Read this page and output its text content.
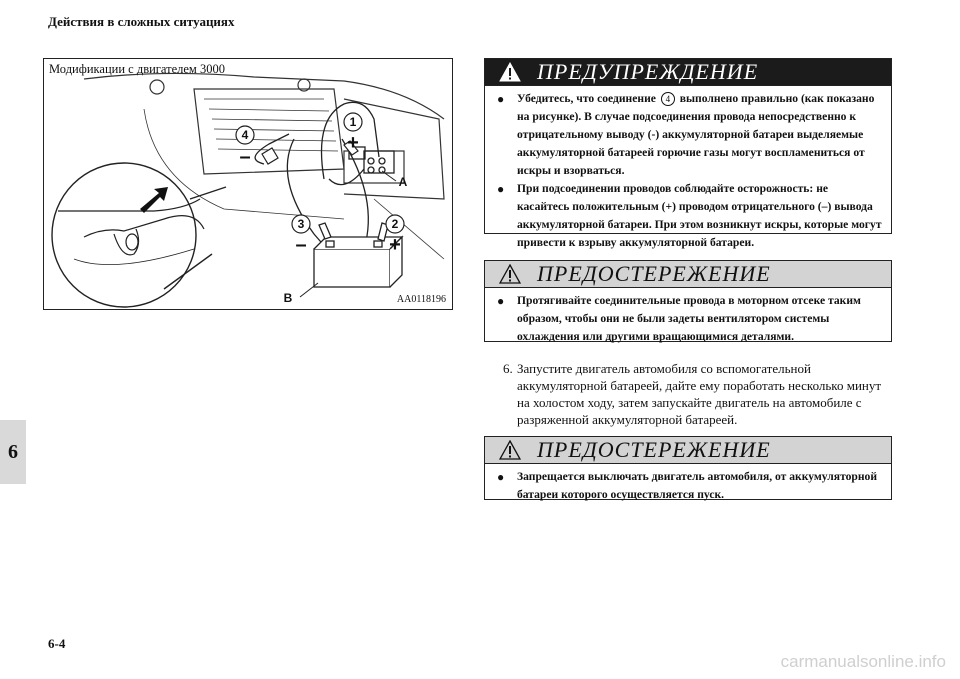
Действия в сложных ситуациях
6
4
1
3	2
–
+
–	+
A
B
Модификации с двигателем 3000
AA0118196
ПРЕДУПРЕЖДЕНИЕ
●	Убедитесь, что соединение 4 выполнено правильно (как показано на рисунке). В случае подсоединения провода непосредственно к отрицательному выводу (-) аккумуляторной батареи выделяемые аккумуляторной батареей горючие газы могут воспламениться от искры и взорваться.
●	При подсоединении проводов соблюдайте осторожность: не касайтесь положительным (+) проводом отрицательного (–) вывода аккумуляторной батареи. При этом возникнут искры, которые могут привести к взрыву аккумуляторной батареи.
ПРЕДОСТЕРЕЖЕНИЕ
●	Протягивайте соединительные провода в моторном отсеке таким образом, чтобы они не были задеты вентилятором системы охлаждения или другими вращающимися деталями.
6. Запустите двигатель автомобиля со вспомогательной аккумуляторной батареей, дайте ему поработать несколько минут на холостом ходу, затем запускайте двигатель на автомобиле с разряженной аккумуляторной батареей.
ПРЕДОСТЕРЕЖЕНИЕ
●	Запрещается выключать двигатель автомобиля, от аккумуляторной батареи которого осуществляется пуск.
6-4
carmanualsonline.info
